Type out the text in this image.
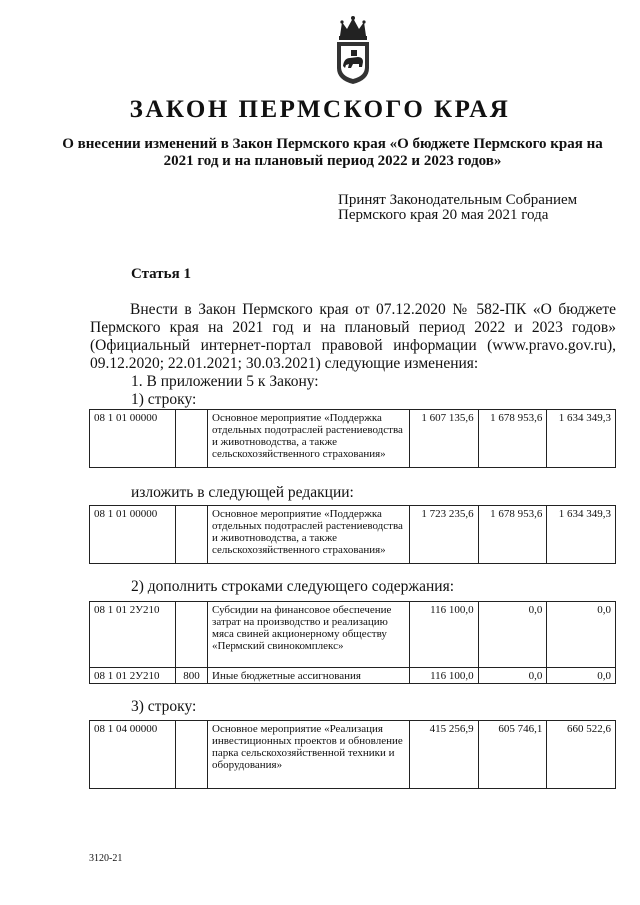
ЗАКОН ПЕРМСКОГО КРАЯ
О внесении изменений в Закон Пермского края «О бюджете Пермского края на 2021 год и на плановый период 2022 и 2023 годов»
Принят Законодательным Собранием
Пермского края 20 мая 2021 года
Статья 1
Внести в Закон Пермского края от 07.12.2020 № 582-ПК «О бюджете Пермского края на 2021 год и на плановый период 2022 и 2023 годов» (Официальный интернет-портал правовой информации (www.pravo.gov.ru), 09.12.2020; 22.01.2021; 30.03.2021) следующие изменения:
1. В приложении 5 к Закону:
1) строку:
08 1 01 00000		Основное мероприятие «Поддержка отдельных подотраслей растениеводства и животноводства, а также сельскохозяйственного страхования»	1 607 135,6	1 678 953,6	1 634 349,3
изложить в следующей редакции:
08 1 01 00000		Основное мероприятие «Поддержка отдельных подотраслей растениеводства и животноводства, а также сельскохозяйственного страхования»	1 723 235,6	1 678 953,6	1 634 349,3
2) дополнить строками следующего содержания:
08 1 01 2У210		Субсидии на финансовое обеспечение затрат на производство и реализацию мяса свиней акционерному обществу «Пермский свинокомплекс»	116 100,0	0,0	0,0
08 1 01 2У210	800	Иные бюджетные ассигнования	116 100,0	0,0	0,0
3) строку:
08 1 04 00000		Основное мероприятие «Реализация инвестиционных проектов и обновление парка сельскохозяйственной техники и оборудования»	415 256,9	605 746,1	660 522,6
3120-21
